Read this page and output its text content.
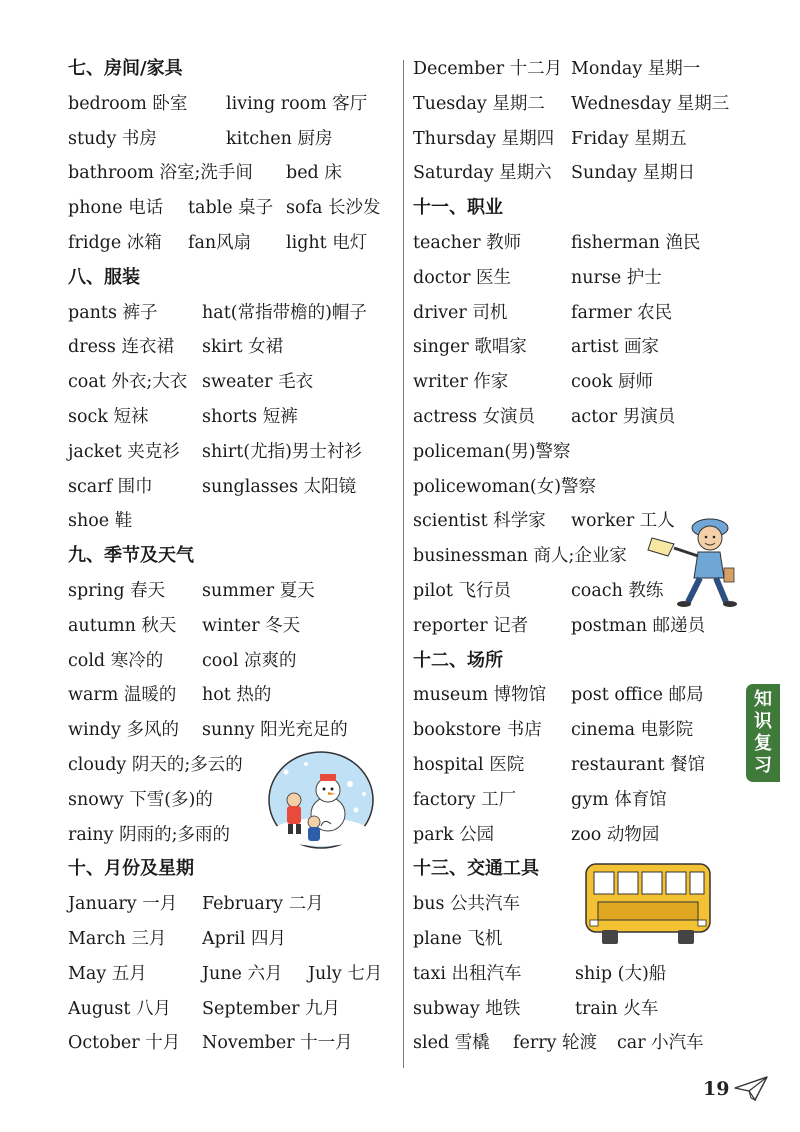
七、房间/家具
bedroom 卧室 living room 客厅
study 书房	kitchen 厨房
bathroom 浴室;洗手间 bed 床
phone 电话 table 桌子 sofa 长沙发
fridge 冰箱 fan风扇 light 电灯
八、服装
pants 裤子	hat(常指带檐的)帽子
dress 连衣裙 skirt 女裙
coat 外衣;大衣 sweater 毛衣
sock 短袜	shorts 短裤
jacket 夹克衫 shirt(尤指)男士衬衫
scarf 围巾	sunglasses 太阳镜
shoe 鞋
九、季节及天气
spring 春天 summer 夏天
autumn 秋天 winter 冬天
cold 寒冷的 cool 凉爽的
warm 温暖的 hot 热的
windy 多风的 sunny 阳光充足的
cloudy 阴天的;多云的
snowy 下雪(多)的
rainy 阴雨的;多雨的
十、月份及星期
January 一月 February 二月
March 三月 April 四月
May 五月	June 六月 July 七月
August 八月 September 九月
October 十月 November 十一月
December 十二月 Monday 星期一
Tuesday 星期二 Wednesday 星期三
Thursday 星期四 Friday 星期五
Saturday 星期六 Sunday 星期日
十一、职业
teacher 教师	fisherman 渔民
doctor 医生	nurse 护士
driver 司机	farmer 农民
singer 歌唱家	artist 画家
writer 作家	cook 厨师
actress 女演员 actor 男演员
policeman(男)警察
policewoman(女)警察
scientist 科学家 worker 工人
businessman 商人;企业家
pilot 飞行员	coach 教练
reporter 记者 postman 邮递员
十二、场所
museum 博物馆 post office 邮局
bookstore 书店 cinema 电影院
hospital 医院	restaurant 餐馆
factory 工厂	gym 体育馆
park 公园	zoo 动物园
十三、交通工具
bus 公共汽车
plane 飞机
taxi 出租汽车	ship (大)船
subway 地铁	train 火车
sled 雪橇 ferry 轮渡 car 小汽车
知
识
复
习
19
